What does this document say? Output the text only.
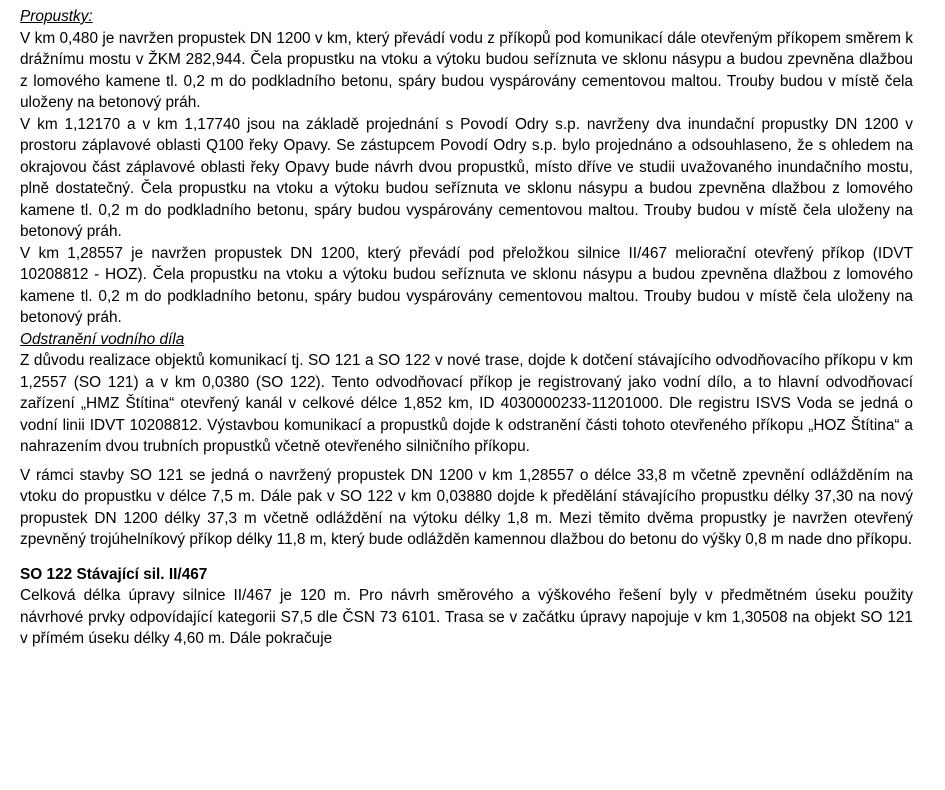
Propustky:

V km 0,480 je navržen propustek DN 1200 v km, který převádí vodu z příkopů pod komunikací dále otevřeným příkopem směrem k drážnímu mostu v ŽKM 282,944. Čela propustku na vtoku a výtoku budou seříznuta ve sklonu násypu a budou zpevněna dlažbou z lomového kamene tl. 0,2 m do podkladního betonu, spáry budou vyspárovány cementovou maltou. Trouby budou v místě čela uloženy na betonový práh.

V km 1,12170 a v km 1,17740 jsou na základě projednání s Povodí Odry s.p. navrženy dva inundační propustky DN 1200 v prostoru záplavové oblasti Q100 řeky Opavy. Se zástupcem Povodí Odry s.p. bylo projednáno a odsouhlaseno, že s ohledem na okrajovou část záplavové oblasti řeky Opavy bude návrh dvou propustků, místo dříve ve studii uvažovaného inundačního mostu, plně dostatečný. Čela propustku na vtoku a výtoku budou seříznuta ve sklonu násypu a budou zpevněna dlažbou z lomového kamene tl. 0,2 m do podkladního betonu, spáry budou vyspárovány cementovou maltou. Trouby budou v místě čela uloženy na betonový práh.

V km 1,28557 je navržen propustek DN 1200, který převádí pod přeložkou silnice II/467 meliorační otevřený příkop (IDVT 10208812 - HOZ). Čela propustku na vtoku a výtoku budou seříznuta ve sklonu násypu a budou zpevněna dlažbou z lomového kamene tl. 0,2 m do podkladního betonu, spáry budou vyspárovány cementovou maltou. Trouby budou v místě čela uloženy na betonový práh.

Odstranění vodního díla

Z důvodu realizace objektů komunikací tj. SO 121 a SO 122 v nové trase, dojde k dotčení stávajícího odvodňovacího příkopu v km 1,2557 (SO 121) a v km 0,0380 (SO 122). Tento odvodňovací příkop je registrovaný jako vodní dílo, a to hlavní odvodňovací zařízení „HMZ Štítina“ otevřený kanál v celkové délce 1,852 km, ID 4030000233-11201000. Dle registru ISVS Voda se jedná o vodní linii IDVT 10208812. Výstavbou komunikací a propustků dojde k odstranění části tohoto otevřeného příkopu „HOZ Štítina“ a nahrazením dvou trubních propustků včetně otevřeného silničního příkopu.

V rámci stavby SO 121 se jedná o navržený propustek DN 1200 v km 1,28557 o délce 33,8 m včetně zpevnění odlážděním na vtoku do propustku v délce 7,5 m. Dále pak v SO 122 v km 0,03880 dojde k předělání stávajícího propustku délky 37,30 na nový propustek DN 1200 délky 37,3 m včetně odláždění na výtoku délky 1,8 m. Mezi těmito dvěma propustky je navržen otevřený zpevněný trojúhelníkový příkop délky 11,8 m, který bude odlážděn kamennou dlažbou do betonu do výšky 0,8 m nade dno příkopu.

SO 122 Stávající sil. II/467

Celková délka úpravy silnice II/467 je 120 m. Pro návrh směrového a výškového řešení byly v předmětném úseku použity návrhové prvky odpovídající kategorii S7,5 dle ČSN 73 6101. Trasa se v začátku úpravy napojuje v km 1,30508 na objekt SO 121 v přímém úseku délky 4,60 m. Dále pokračuje
